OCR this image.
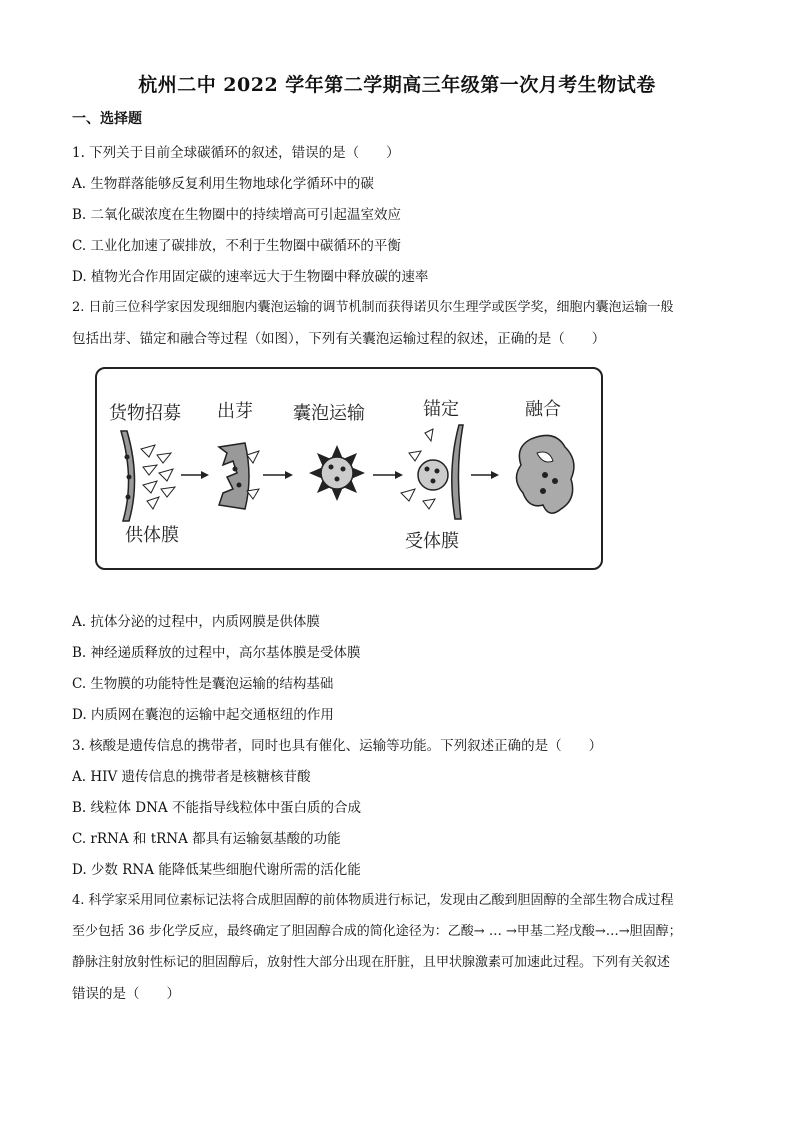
杭州二中 2022 学年第二学期高三年级第一次月考生物试卷
一、选择题
1. 下列关于目前全球碳循环的叙述，错误的是（　　）
A. 生物群落能够反复利用生物地球化学循环中的碳
B. 二氧化碳浓度在生物圈中的持续增高可引起温室效应
C. 工业化加速了碳排放，不利于生物圈中碳循环的平衡
D. 植物光合作用固定碳的速率远大于生物圈中释放碳的速率
2. 日前三位科学家因发现细胞内囊泡运输的调节机制而获得诺贝尔生理学或医学奖，细胞内囊泡运输一般
包括出芽、锚定和融合等过程（如图），下列有关囊泡运输过程的叙述，正确的是（　　）
货物招募 出芽 囊泡运输	锚定	融合
供体膜	受体膜
A. 抗体分泌的过程中，内质网膜是供体膜
B. 神经递质释放的过程中，高尔基体膜是受体膜
C. 生物膜的功能特性是囊泡运输的结构基础
D. 内质网在囊泡的运输中起交通枢纽的作用
3. 核酸是遗传信息的携带者，同时也具有催化、运输等功能。下列叙述正确的是（　　）
A. HIV 遗传信息的携带者是核糖核苷酸
B. 线粒体 DNA 不能指导线粒体中蛋白质的合成
C. rRNA 和 tRNA 都具有运输氨基酸的功能
D. 少数 RNA 能降低某些细胞代谢所需的活化能
4. 科学家采用同位素标记法将合成胆固醇的前体物质进行标记，发现由乙酸到胆固醇的全部生物合成过程
至少包括 36 步化学反应，最终确定了胆固醇合成的简化途径为：乙酸→ … →甲基二羟戊酸→…→胆固醇；
静脉注射放射性标记的胆固醇后，放射性大部分出现在肝脏，且甲状腺激素可加速此过程。下列有关叙述
错误的是（　　）
